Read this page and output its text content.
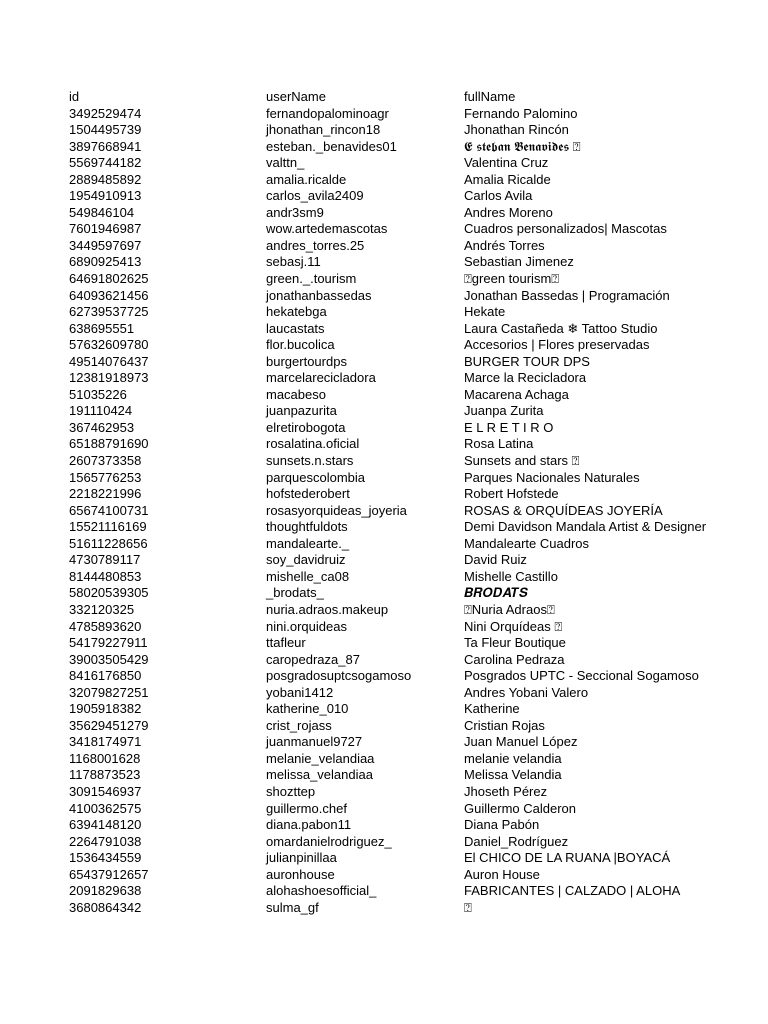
id	userName	fullName
3492529474	fernandopalominoagr	Fernando Palomino
1504495739	jhonathan_rincon18	Jhonathan Rincón
3897668941	esteban._benavides01	𝕰 𝖘𝖙𝖊𝖇𝖆𝖓 𝕭𝖊𝖓𝖆𝖛𝖎𝖉𝖊𝖘 ⍰
5569744182	valttn_	Valentina Cruz
2889485892	amalia.ricalde	Amalia Ricalde
1954910913	carlos_avila2409	Carlos Avila
549846104	andr3sm9	Andres Moreno
7601946987	wow.artedemascotas	Cuadros personalizados| Mascotas
3449597697	andres_torres.25	Andrés Torres
6890925413	sebasj.11	Sebastian Jimenez
64691802625	green._.tourism	⍰green tourism⍰
64093621456	jonathanbassedas	Jonathan Bassedas | Programación
62739537725	hekatebga	Hekate
638695551	laucastats	Laura Castañeda ❄ Tattoo Studio
57632609780	flor.bucolica	Accesorios | Flores preservadas
49514076437	burgertourdps	BURGER TOUR DPS
12381918973	marcelarecicladora	Marce la Recicladora
51035226	macabeso	Macarena Achaga
191110424	juanpazurita	Juanpa Zurita
367462953	elretirobogota	E L R E T I R O
65188791690	rosalatina.oficial	Rosa Latina
2607373358	sunsets.n.stars	Sunsets and stars ⍰
1565776253	parquescolombia	Parques Nacionales Naturales
2218221996	hofstederobert	Robert Hofstede
65674100731	rosasyorquideas_joyeria	ROSAS & ORQUÍDEAS JOYERÍA
15521116169	thoughtfuldots	Demi Davidson Mandala Artist & Designer
51611228656	mandalearte._	Mandalearte Cuadros
4730789117	soy_davidruiz	David Ruiz
8144480853	mishelle_ca08	Mishelle Castillo
58020539305	_brodats_	𝑩𝑹𝑶𝑫𝑨𝑻𝑺
332120325	nuria.adraos.makeup	⍰Nuria Adraos⍰
4785893620	nini.orquideas	Nini Orquídeas ⍰
54179227911	ttafleur	Ta Fleur Boutique
39003505429	caropedraza_87	Carolina Pedraza
8416176850	posgradosuptcsogamoso	Posgrados UPTC - Seccional Sogamoso
32079827251	yobani1412	Andres Yobani Valero
1905918382	katherine_010	Katherine
35629451279	crist_rojass	Cristian Rojas
3418174971	juanmanuel9727	Juan Manuel López
1168001628	melanie_velandiaa	melanie velandia
1178873523	melissa_velandiaa	Melissa Velandia
3091546937	shozttep	Jhoseth Pérez
4100362575	guillermo.chef	Guillermo Calderon
6394148120	diana.pabon11	Diana Pabón
2264791038	omardanielrodriguez_	Daniel_Rodríguez
1536434559	julianpinillaa	El CHICO DE LA RUANA |BOYACÁ
65437912657	auronhouse	Auron House
2091829638	alohashoesofficial_	FABRICANTES | CALZADO | ALOHA
3680864342	sulma_gf	⍰
